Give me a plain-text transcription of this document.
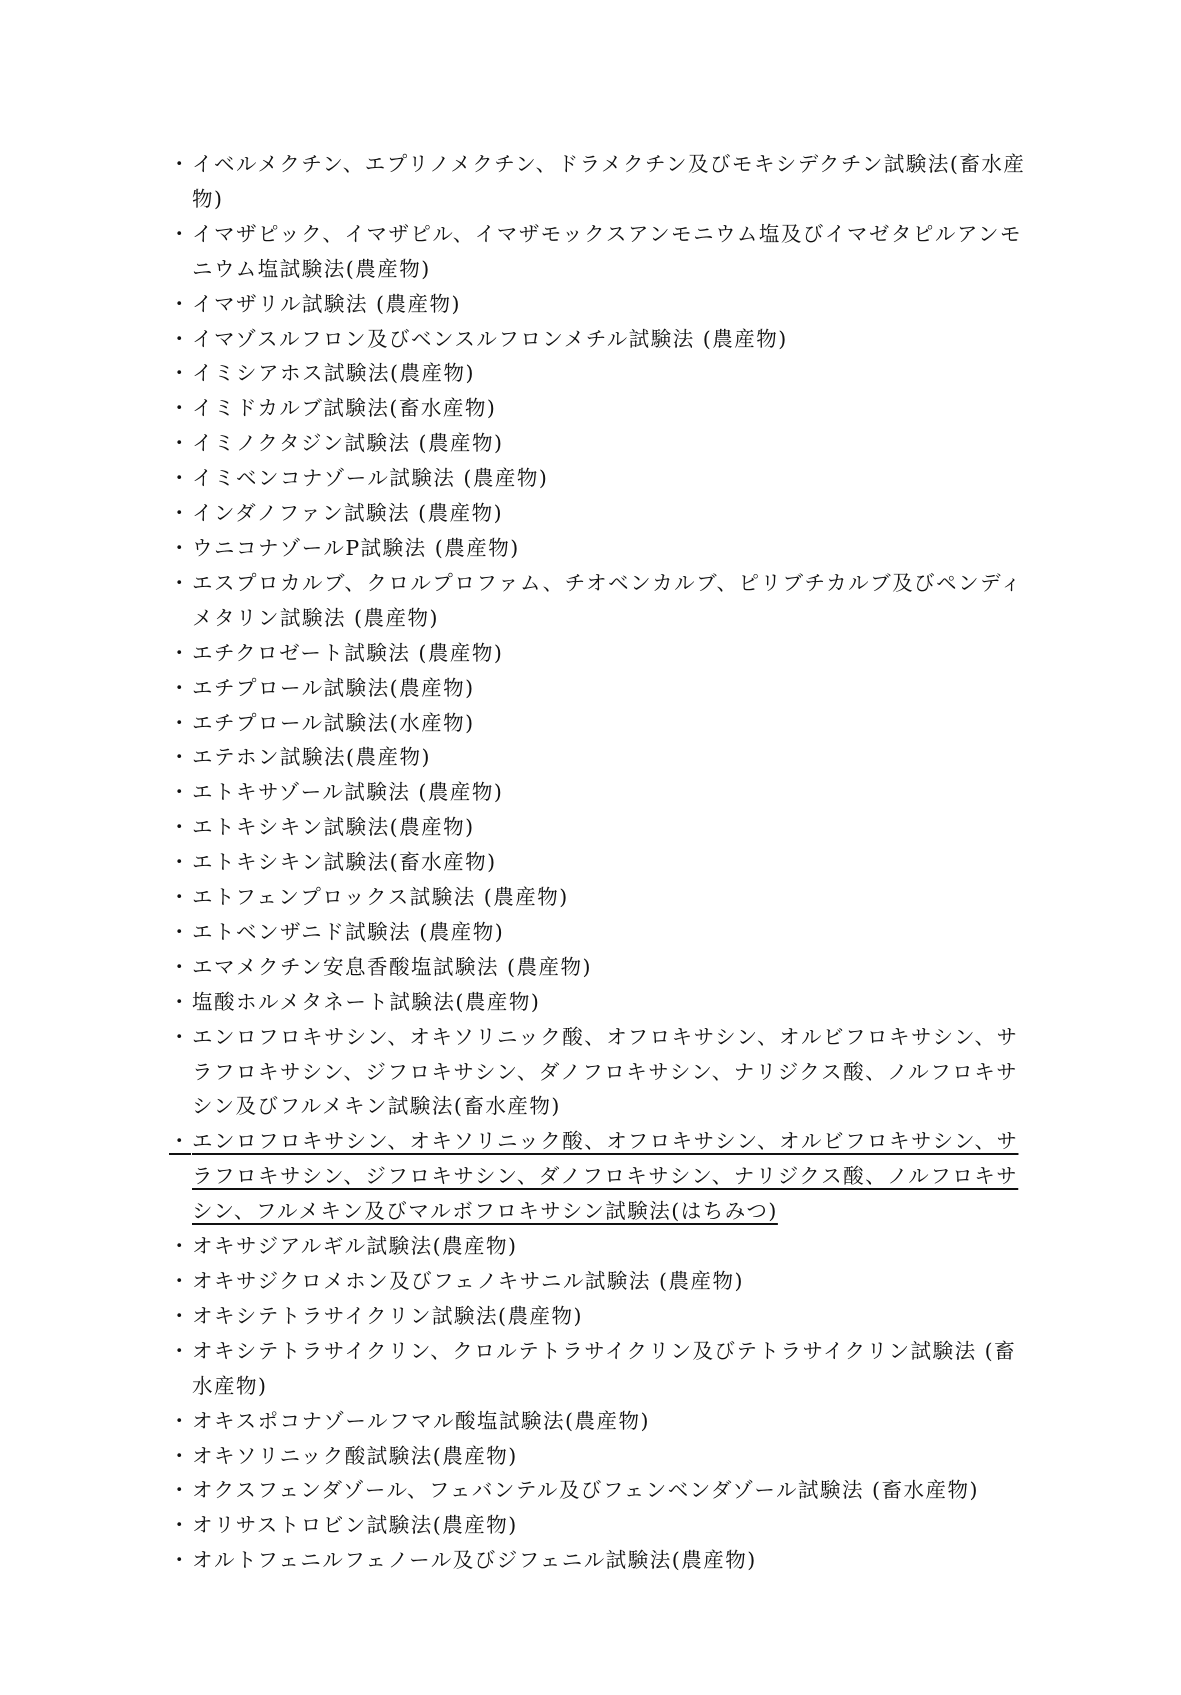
・ イベルメクチン、エプリノメクチン、ドラメクチン及びモキシデクチン試験法(畜水産物)
・ イマザピック、イマザピル、イマザモックスアンモニウム塩及びイマゼタピルアンモニウム塩試験法(農産物)
・ イマザリル試験法 (農産物)
・ イマゾスルフロン及びベンスルフロンメチル試験法 (農産物)
・ イミシアホス試験法(農産物)
・ イミドカルブ試験法(畜水産物)
・ イミノクタジン試験法 (農産物)
・ イミベンコナゾール試験法 (農産物)
・ インダノファン試験法 (農産物)
・ ウニコナゾールP試験法 (農産物)
・ エスプロカルブ、クロルプロファム、チオベンカルブ、ピリブチカルブ及びペンディメタリン試験法 (農産物)
・ エチクロゼート試験法 (農産物)
・ エチプロール試験法(農産物)
・ エチプロール試験法(水産物)
・ エテホン試験法(農産物)
・ エトキサゾール試験法 (農産物)
・ エトキシキン試験法(農産物)
・ エトキシキン試験法(畜水産物)
・ エトフェンプロックス試験法 (農産物)
・ エトベンザニド試験法 (農産物)
・ エマメクチン安息香酸塩試験法 (農産物)
・ 塩酸ホルメタネート試験法(農産物)
・ エンロフロキサシン、オキソリニック酸、オフロキサシン、オルビフロキサシン、サラフロキサシン、ジフロキサシン、ダノフロキサシン、ナリジクス酸、ノルフロキサシン及びフルメキン試験法(畜水産物)
・ エンロフロキサシン、オキソリニック酸、オフロキサシン、オルビフロキサシン、サラフロキサシン、ジフロキサシン、ダノフロキサシン、ナリジクス酸、ノルフロキサシン、フルメキン及びマルボフロキサシン試験法(はちみつ)
・ オキサジアルギル試験法(農産物)
・ オキサジクロメホン及びフェノキサニル試験法 (農産物)
・ オキシテトラサイクリン試験法(農産物)
・ オキシテトラサイクリン、クロルテトラサイクリン及びテトラサイクリン試験法 (畜水産物)
・ オキスポコナゾールフマル酸塩試験法(農産物)
・ オキソリニック酸試験法(農産物)
・ オクスフェンダゾール、フェバンテル及びフェンベンダゾール試験法 (畜水産物)
・ オリサストロビン試験法(農産物)
・ オルトフェニルフェノール及びジフェニル試験法(農産物)
